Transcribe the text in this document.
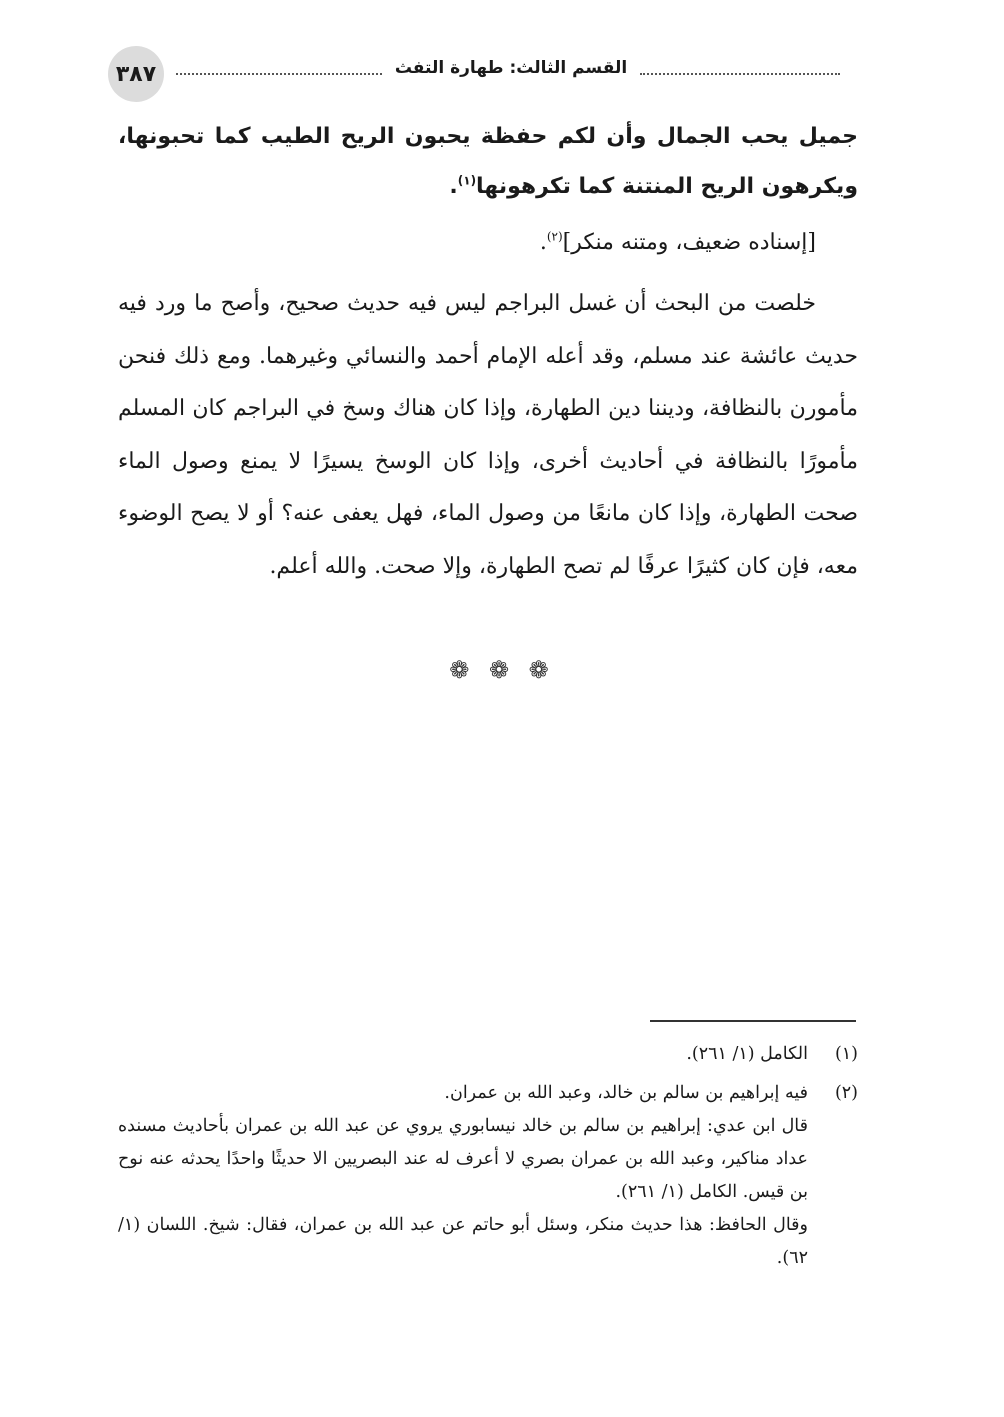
٣٨٧	القسم الثالث: طهارة التفث

جميل يحب الجمال وأن لكم حفظة يحبون الريح الطيب كما تحبونها، ويكرهون الريح المنتنة كما تكرهونها$^{(١)}$.

[إسناده ضعيف، ومتنه منكر]$^{(٢)}$.

خلصت من البحث أن غسل البراجم ليس فيه حديث صحيح، وأصح ما ورد فيه حديث عائشة عند مسلم، وقد أعله الإمام أحمد والنسائي وغيرهما. ومع ذلك فنحن مأمورن بالنظافة، وديننا دين الطهارة، وإذا كان هناك وسخ في البراجم كان المسلم مأمورًا بالنظافة في أحاديث أخرى، وإذا كان الوسخ يسيرًا لا يمنع وصول الماء صحت الطهارة، وإذا كان مانعًا من وصول الماء، فهل يعفى عنه؟ أو لا يصح الوضوء معه، فإن كان كثيرًا عرفًا لم تصح الطهارة، وإلا صحت. والله أعلم.

❁ ❁ ❁
(١)
الكامل (١/ ٢٦١).
(٢)
فيه إبراهيم بن سالم بن خالد، وعبد الله بن عمران.
قال ابن عدي: إبراهيم بن سالم بن خالد نيسابوري يروي عن عبد الله بن عمران بأحاديث مسنده عداد مناكير، وعبد الله بن عمران بصري لا أعرف له عند البصريين الا حديثًا واحدًا يحدثه عنه نوح بن قيس. الكامل (١/ ٢٦١).
وقال الحافظ: هذا حديث منكر، وسئل أبو حاتم عن عبد الله بن عمران، فقال: شيخ. اللسان (١/ ٦٢).
